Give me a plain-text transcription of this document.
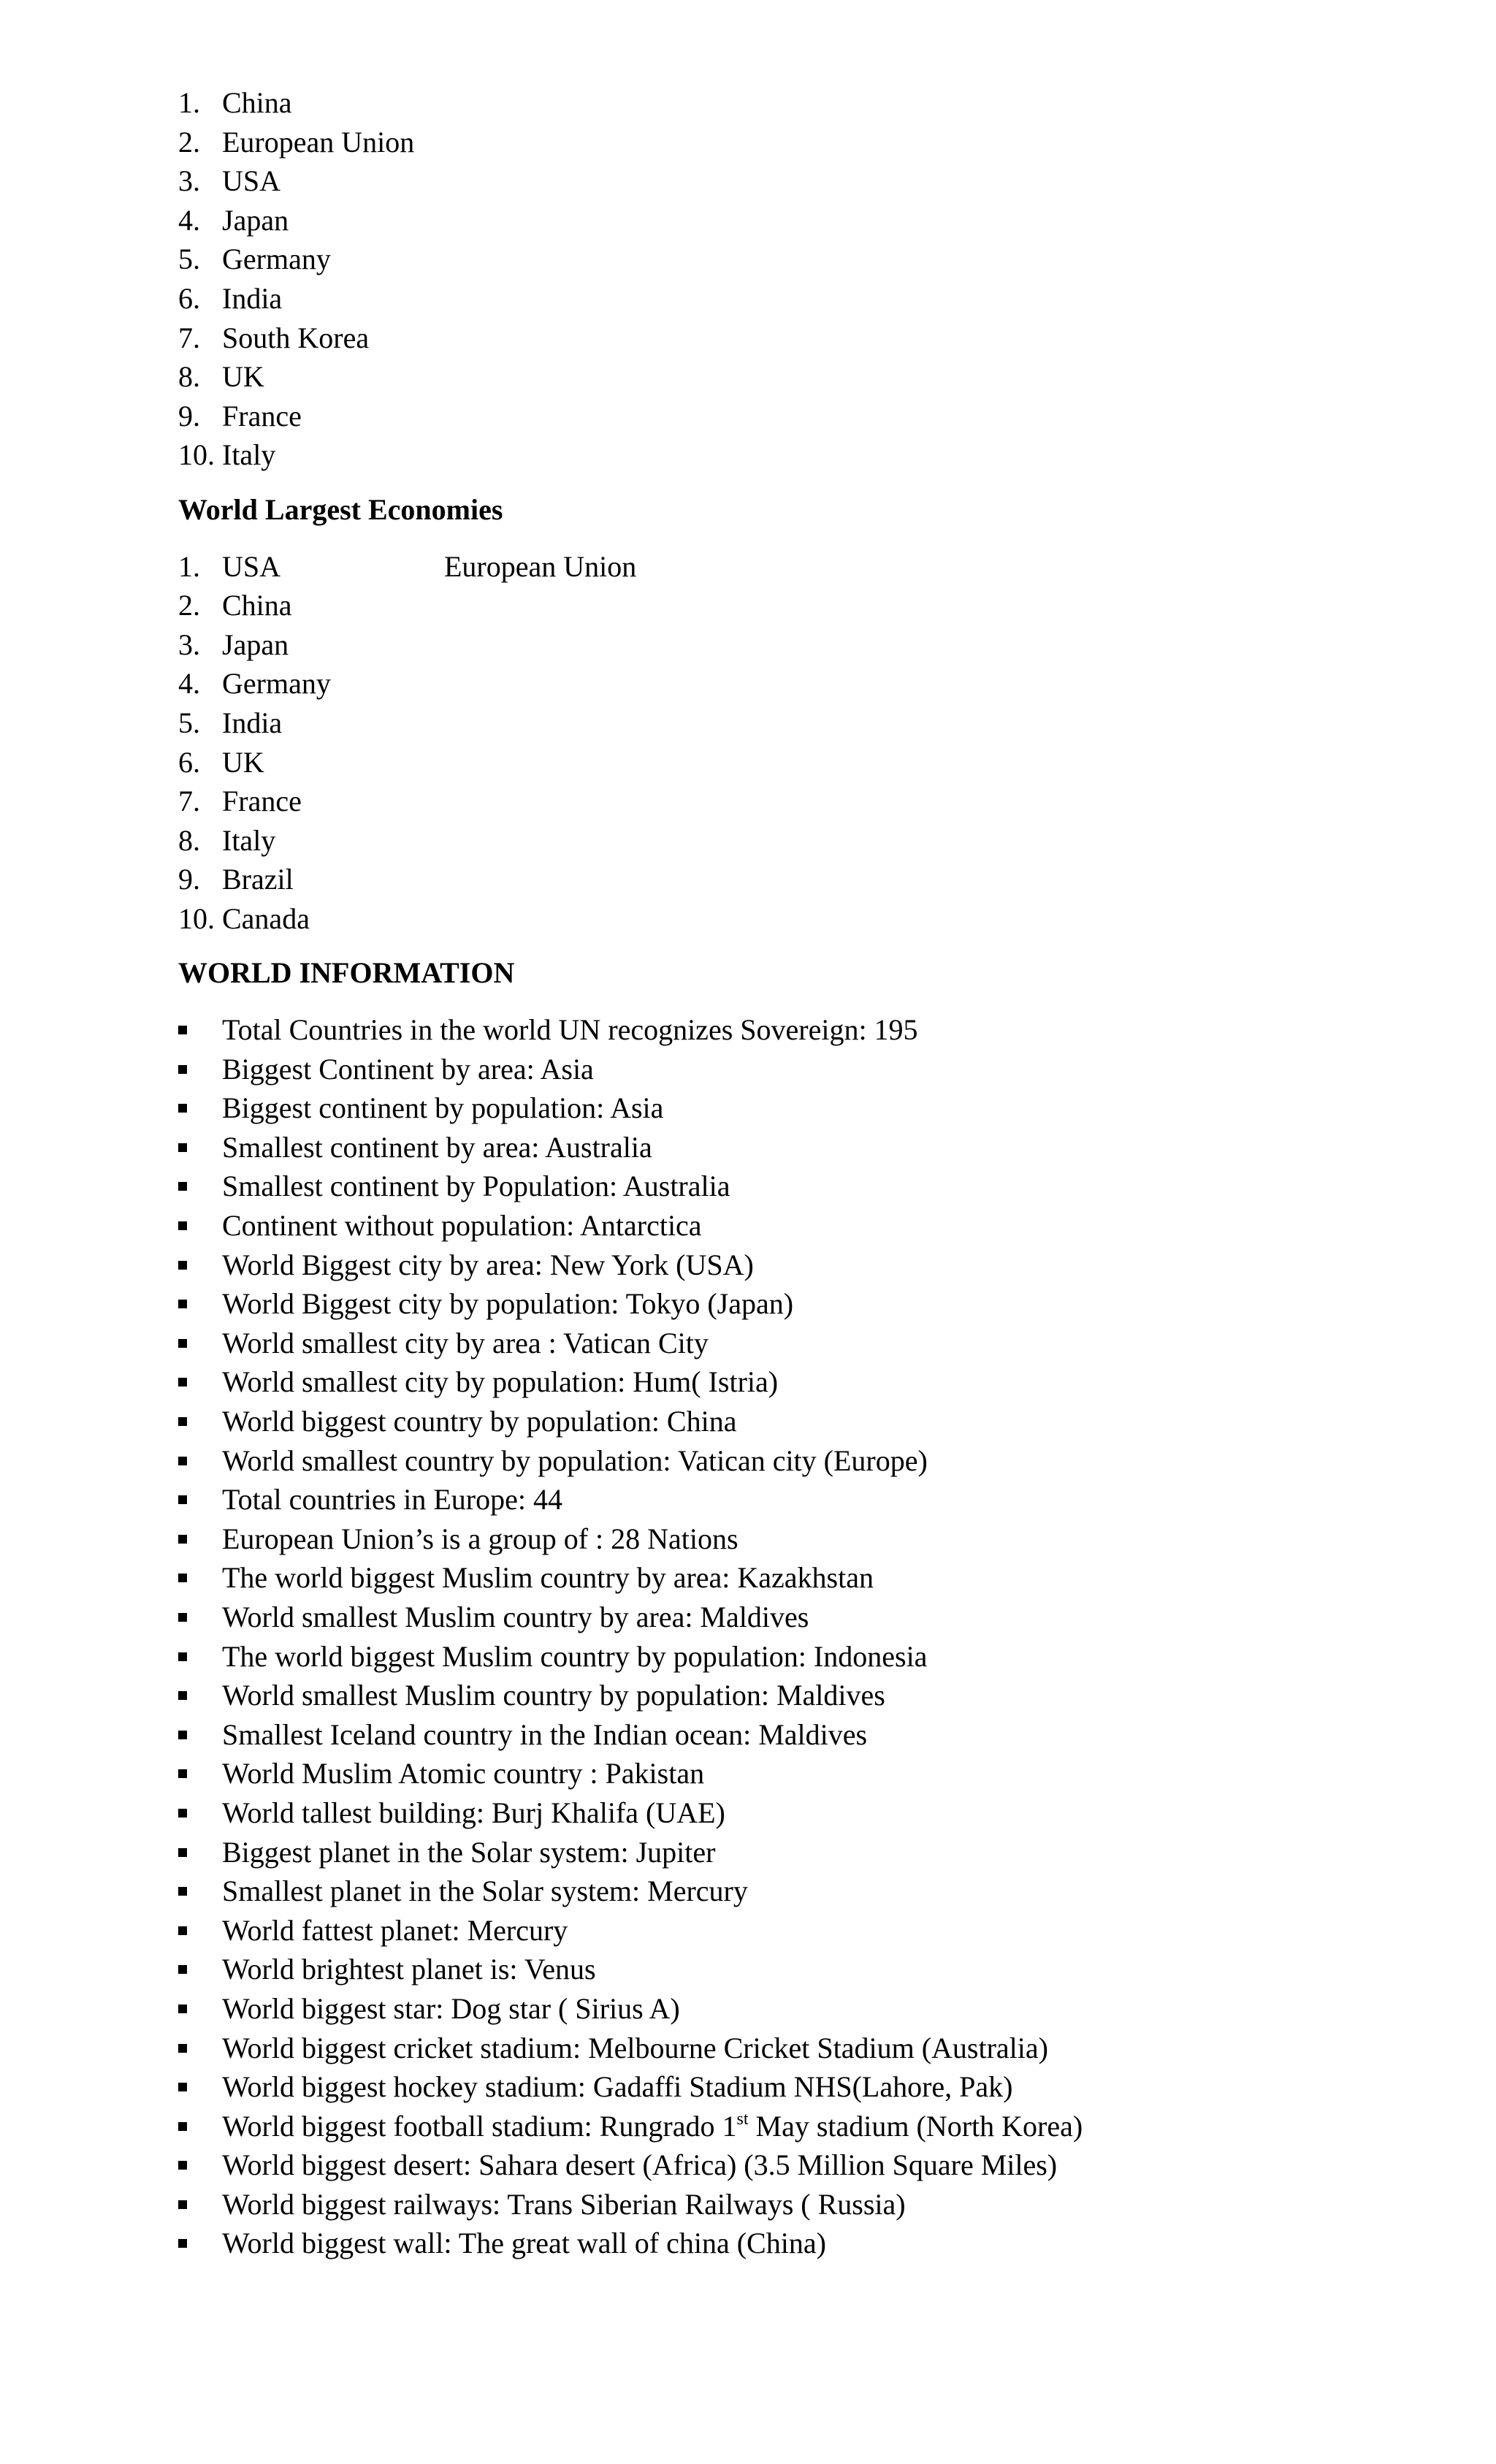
1. China
2. European Union
3. USA
4. Japan
5. Germany
6. India
7. South Korea
8. UK
9. France
10. Italy
World Largest Economies
1. USA	European Union
2. China
3. Japan
4. Germany
5. India
6. UK
7. France
8. Italy
9. Brazil
10. Canada
WORLD INFORMATION
Total Countries in the world UN recognizes Sovereign: 195
Biggest Continent by area: Asia
Biggest continent by population: Asia
Smallest continent by area: Australia
Smallest continent by Population: Australia
Continent without population: Antarctica
World Biggest city by area: New York (USA)
World Biggest city by population: Tokyo (Japan)
World smallest city by area : Vatican City
World smallest city by population: Hum( Istria)
World biggest country by population: China
World smallest country by population: Vatican city (Europe)
Total countries in Europe: 44
European Union’s is a group of : 28 Nations
The world biggest Muslim country by area: Kazakhstan
World smallest Muslim country by area: Maldives
The world biggest Muslim country by population: Indonesia
World smallest Muslim country by population: Maldives
Smallest Iceland country in the Indian ocean: Maldives
World Muslim Atomic country : Pakistan
World tallest building: Burj Khalifa (UAE)
Biggest planet in the Solar system: Jupiter
Smallest planet in the Solar system: Mercury
World fattest planet: Mercury
World brightest planet is: Venus
World biggest star: Dog star ( Sirius A)
World biggest cricket stadium: Melbourne Cricket Stadium (Australia)
World biggest hockey stadium: Gadaffi Stadium NHS(Lahore, Pak)
World biggest football stadium: Rungrado 1st May stadium (North Korea)
World biggest desert: Sahara desert (Africa) (3.5 Million Square Miles)
World biggest railways: Trans Siberian Railways ( Russia)
World biggest wall: The great wall of china (China)
